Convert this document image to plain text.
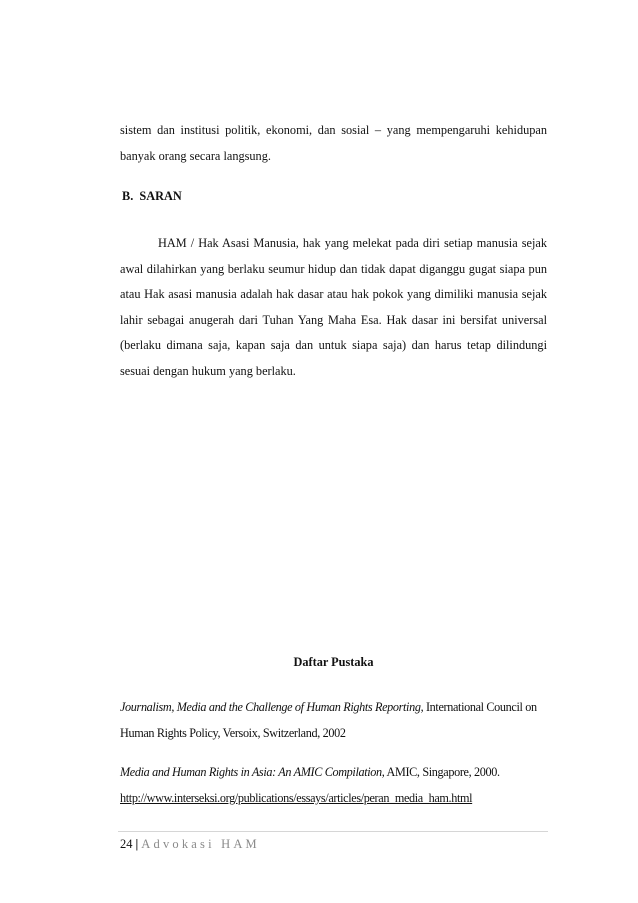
sistem dan institusi politik, ekonomi, dan sosial – yang mempengaruhi kehidupan banyak orang secara langsung.

B.  SARAN

HAM / Hak Asasi Manusia, hak yang melekat pada diri setiap manusia sejak awal dilahirkan yang berlaku seumur hidup dan tidak dapat diganggu gugat siapa pun atau Hak asasi manusia adalah hak dasar atau hak pokok yang dimiliki manusia sejak lahir sebagai anugerah dari Tuhan Yang Maha Esa. Hak dasar ini bersifat universal (berlaku dimana saja, kapan saja dan untuk siapa saja) dan harus tetap dilindungi sesuai dengan hukum yang berlaku.

Daftar Pustaka

Journalism, Media and the Challenge of Human Rights Reporting, International Council on Human Rights Policy, Versoix, Switzerland, 2002

Media and Human Rights in Asia: An AMIC Compilation, AMIC, Singapore, 2000.

http://www.interseksi.org/publications/essays/articles/peran_media_ham.html

24 | Advokasi HAM
